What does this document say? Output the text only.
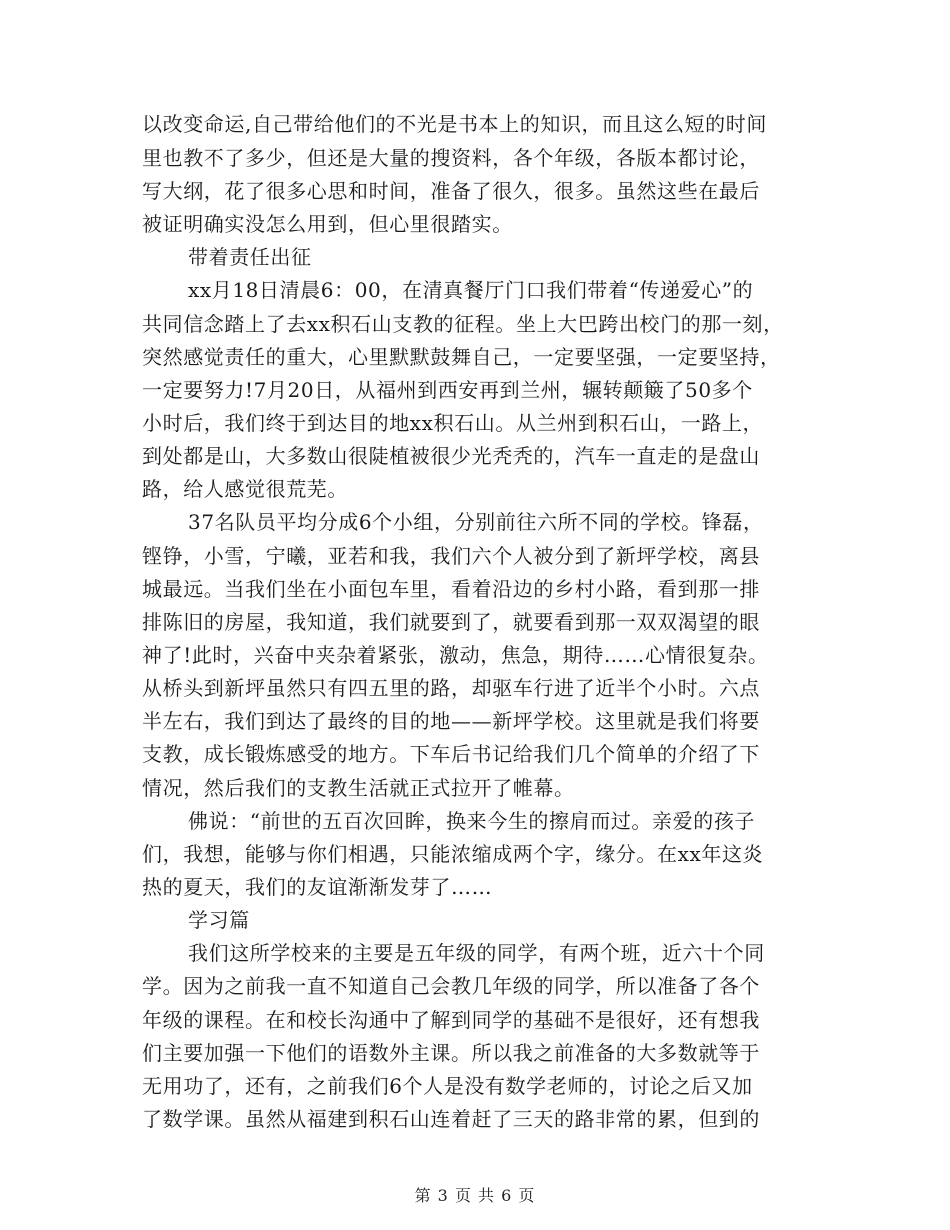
以改变命运,自己带给他们的不光是书本上的知识，而且这么短的时间
里也教不了多少，但还是大量的搜资料，各个年级，各版本都讨论，
写大纲，花了很多心思和时间，准备了很久，很多。虽然这些在最后
被证明确实没怎么用到，但心里很踏实。
带着责任出征
xx月18日清晨6：00，在清真餐厅门口我们带着“传递爱心”的
共同信念踏上了去xx积石山支教的征程。坐上大巴跨出校门的那一刻，
突然感觉责任的重大，心里默默鼓舞自己，一定要坚强，一定要坚持，
一定要努力!7月20日，从福州到西安再到兰州，辗转颠簸了50多个
小时后，我们终于到达目的地xx积石山。从兰州到积石山，一路上，
到处都是山，大多数山很陡植被很少光秃秃的，汽车一直走的是盘山
路，给人感觉很荒芜。
37名队员平均分成6个小组，分别前往六所不同的学校。锋磊，
铿铮，小雪，宁曦，亚若和我，我们六个人被分到了新坪学校，离县
城最远。当我们坐在小面包车里，看着沿边的乡村小路，看到那一排
排陈旧的房屋，我知道，我们就要到了，就要看到那一双双渴望的眼
神了!此时，兴奋中夹杂着紧张，激动，焦急，期待……心情很复杂。
从桥头到新坪虽然只有四五里的路，却驱车行进了近半个小时。六点
半左右，我们到达了最终的目的地——新坪学校。这里就是我们将要
支教，成长锻炼感受的地方。下车后书记给我们几个简单的介绍了下
情况，然后我们的支教生活就正式拉开了帷幕。
佛说：“前世的五百次回眸，换来今生的擦肩而过。亲爱的孩子
们，我想，能够与你们相遇，只能浓缩成两个字，缘分。在xx年这炎
热的夏天，我们的友谊渐渐发芽了……
学习篇
我们这所学校来的主要是五年级的同学，有两个班，近六十个同
学。因为之前我一直不知道自己会教几年级的同学，所以准备了各个
年级的课程。在和校长沟通中了解到同学的基础不是很好，还有想我
们主要加强一下他们的语数外主课。所以我之前准备的大多数就等于
无用功了，还有，之前我们6个人是没有数学老师的，讨论之后又加
了数学课。虽然从福建到积石山连着赶了三天的路非常的累，但到的
第 3 页 共 6 页
